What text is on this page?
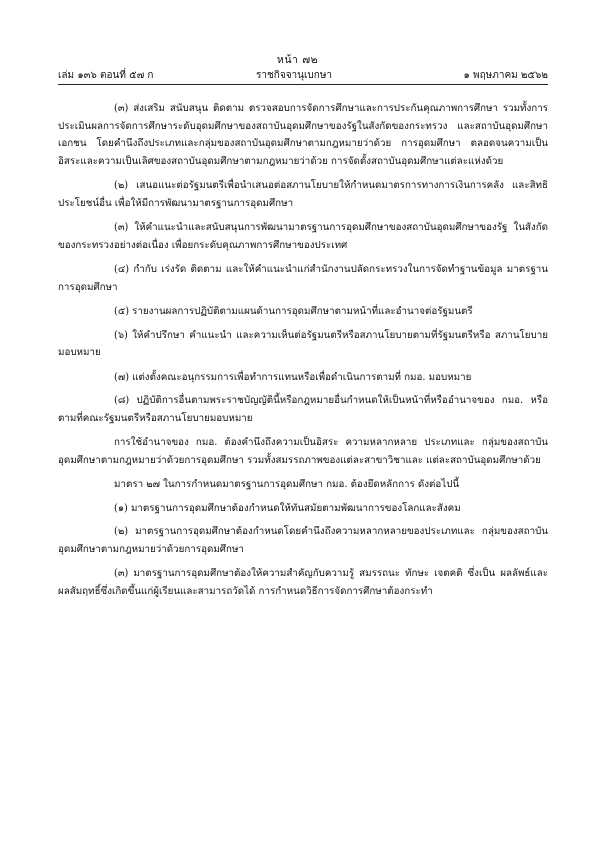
หน้า ๗๒
เล่ม ๑๓๖ ตอนที่ ๕๗ ก	ราชกิจจานุเบกษา	๑ พฤษภาคม ๒๕๖๒

(๓) ส่งเสริม สนับสนุน ติดตาม ตรวจสอบการจัดการศึกษาและการประกันคุณภาพการศึกษา รวมทั้งการประเมินผลการจัดการศึกษาระดับอุดมศึกษาของสถาบันอุดมศึกษาของรัฐในสังกัดของกระทรวง และสถาบันอุดมศึกษาเอกชน โดยคำนึงถึงประเภทและกลุ่มของสถาบันอุดมศึกษาตามกฎหมายว่าด้วย การอุดมศึกษา ตลอดจนความเป็นอิสระและความเป็นเลิศของสถาบันอุดมศึกษาตามกฎหมายว่าด้วย การจัดตั้งสถาบันอุดมศึกษาแต่ละแห่งด้วย

(๒) เสนอแนะต่อรัฐมนตรีเพื่อนำเสนอต่อสภานโยบายให้กำหนดมาตรการทางการเงินการคลัง และสิทธิประโยชน์อื่น เพื่อให้มีการพัฒนามาตรฐานการอุดมศึกษา

(๓) ให้คำแนะนำและสนับสนุนการพัฒนามาตรฐานการอุดมศึกษาของสถาบันอุดมศึกษาของรัฐ ในสังกัดของกระทรวงอย่างต่อเนื่อง เพื่อยกระดับคุณภาพการศึกษาของประเทศ

(๔) กำกับ เร่งรัด ติดตาม และให้คำแนะนำแก่สำนักงานปลัดกระทรวงในการจัดทำฐานข้อมูล มาตรฐานการอุดมศึกษา

(๕) รายงานผลการปฏิบัติตามแผนด้านการอุดมศึกษาตามหน้าที่และอำนาจต่อรัฐมนตรี

(๖) ให้คำปรึกษา คำแนะนำ และความเห็นต่อรัฐมนตรีหรือสภานโยบายตามที่รัฐมนตรีหรือ สภานโยบายมอบหมาย

(๗) แต่งตั้งคณะอนุกรรมการเพื่อทำการแทนหรือเพื่อดำเนินการตามที่ กมอ. มอบหมาย

(๘) ปฏิบัติการอื่นตามพระราชบัญญัตินี้หรือกฎหมายอื่นกำหนดให้เป็นหน้าที่หรืออำนาจของ กมอ. หรือตามที่คณะรัฐมนตรีหรือสภานโยบายมอบหมาย

การใช้อำนาจของ กมอ. ต้องคำนึงถึงความเป็นอิสระ ความหลากหลาย ประเภทและ กลุ่มของสถาบันอุดมศึกษาตามกฎหมายว่าด้วยการอุดมศึกษา รวมทั้งสมรรถภาพของแต่ละสาขาวิชาและ แต่ละสถาบันอุดมศึกษาด้วย

มาตรา ๒๗ ในการกำหนดมาตรฐานการอุดมศึกษา กมอ. ต้องยึดหลักการ ดังต่อไปนี้

(๑) มาตรฐานการอุดมศึกษาต้องกำหนดให้ทันสมัยตามพัฒนาการของโลกและสังคม

(๒) มาตรฐานการอุดมศึกษาต้องกำหนดโดยคำนึงถึงความหลากหลายของประเภทและ กลุ่มของสถาบันอุดมศึกษาตามกฎหมายว่าด้วยการอุดมศึกษา

(๓) มาตรฐานการอุดมศึกษาต้องให้ความสำคัญกับความรู้ สมรรถนะ ทักษะ เจตคติ ซึ่งเป็น ผลลัพธ์และผลสัมฤทธิ์ซึ่งเกิดขึ้นแก่ผู้เรียนและสามารถวัดได้ การกำหนดวิธีการจัดการศึกษาต้องกระทำ
